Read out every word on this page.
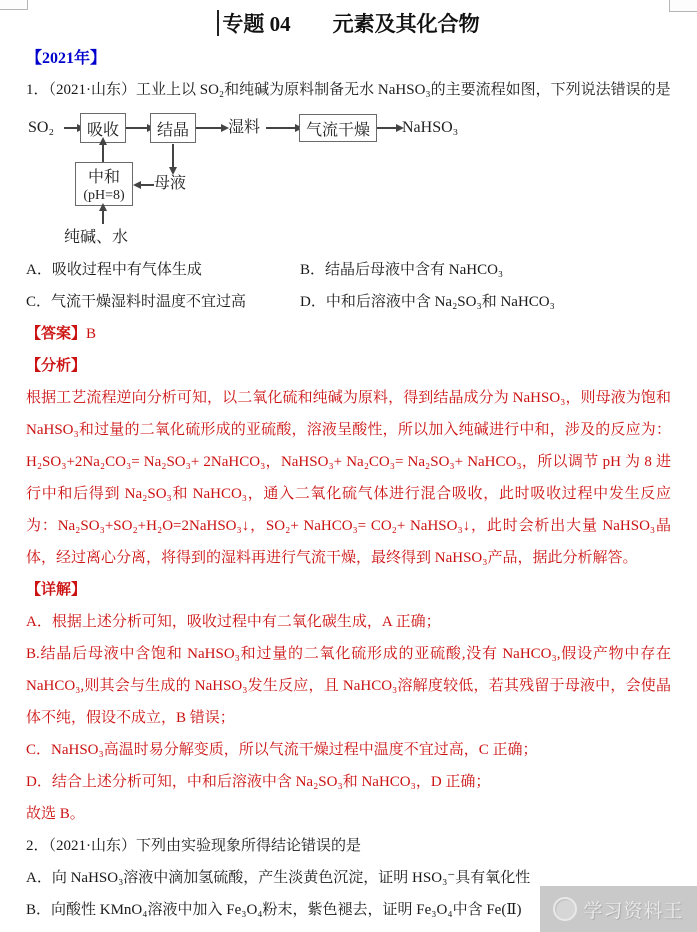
专题 04 元素及其化合物
【2021年】
1．（2021·山东）工业上以 SO₂和纯碱为原料制备无水 NaHSO₃的主要流程如图，下列说法错误的是
SO₂ 吸收 结晶 湿料	气流干燥 NaHSO₃
中和
(pH=8)
母液
纯碱、水
A．吸收过程中有气体生成	B．结晶后母液中含有 NaHCO₃
C．气流干燥湿料时温度不宜过高	D．中和后溶液中含 Na₂SO₃和 NaHCO₃
【答案】B
【分析】
根据工艺流程逆向分析可知，以二氧化硫和纯碱为原料，得到结晶成分为 NaHSO₃，则母液为饱和 NaHSO₃和过量的二氧化硫形成的亚硫酸，溶液呈酸性，所以加入纯碱进行中和，涉及的反应为：H₂SO₃+2Na₂CO₃= Na₂SO₃+ 2NaHCO₃，NaHSO₃+ Na₂CO₃= Na₂SO₃+ NaHCO₃，所以调节 pH 为 8 进行中和后得到 Na₂SO₃和 NaHCO₃，通入二氧化硫气体进行混合吸收，此时吸收过程中发生反应为：Na₂SO₃+SO₂+H₂O=2NaHSO₃↓，SO₂+ NaHCO₃= CO₂+ NaHSO₃↓，此时会析出大量 NaHSO₃晶体，经过离心分离，将得到的湿料再进行气流干燥，最终得到 NaHSO₃产品，据此分析解答。
【详解】
A．根据上述分析可知，吸收过程中有二氧化碳生成，A 正确；
B.结晶后母液中含饱和 NaHSO₃和过量的二氧化硫形成的亚硫酸,没有 NaHCO₃,假设产物中存在 NaHCO₃,则其会与生成的 NaHSO₃发生反应，且 NaHCO₃溶解度较低，若其残留于母液中，会使晶体不纯，假设不成立，B 错误；
C．NaHSO₃高温时易分解变质，所以气流干燥过程中温度不宜过高，C 正确；
D．结合上述分析可知，中和后溶液中含 Na₂SO₃和 NaHCO₃，D 正确；
故选 B。
2．（2021·山东）下列由实验现象所得结论错误的是
A．向 NaHSO₃溶液中滴加氢硫酸，产生淡黄色沉淀，证明 HSO₃⁻具有氧化性
B．向酸性 KMnO₄溶液中加入 Fe₃O₄粉末，紫色褪去，证明 Fe₃O₄中含 Fe(Ⅱ)	学习资料王
